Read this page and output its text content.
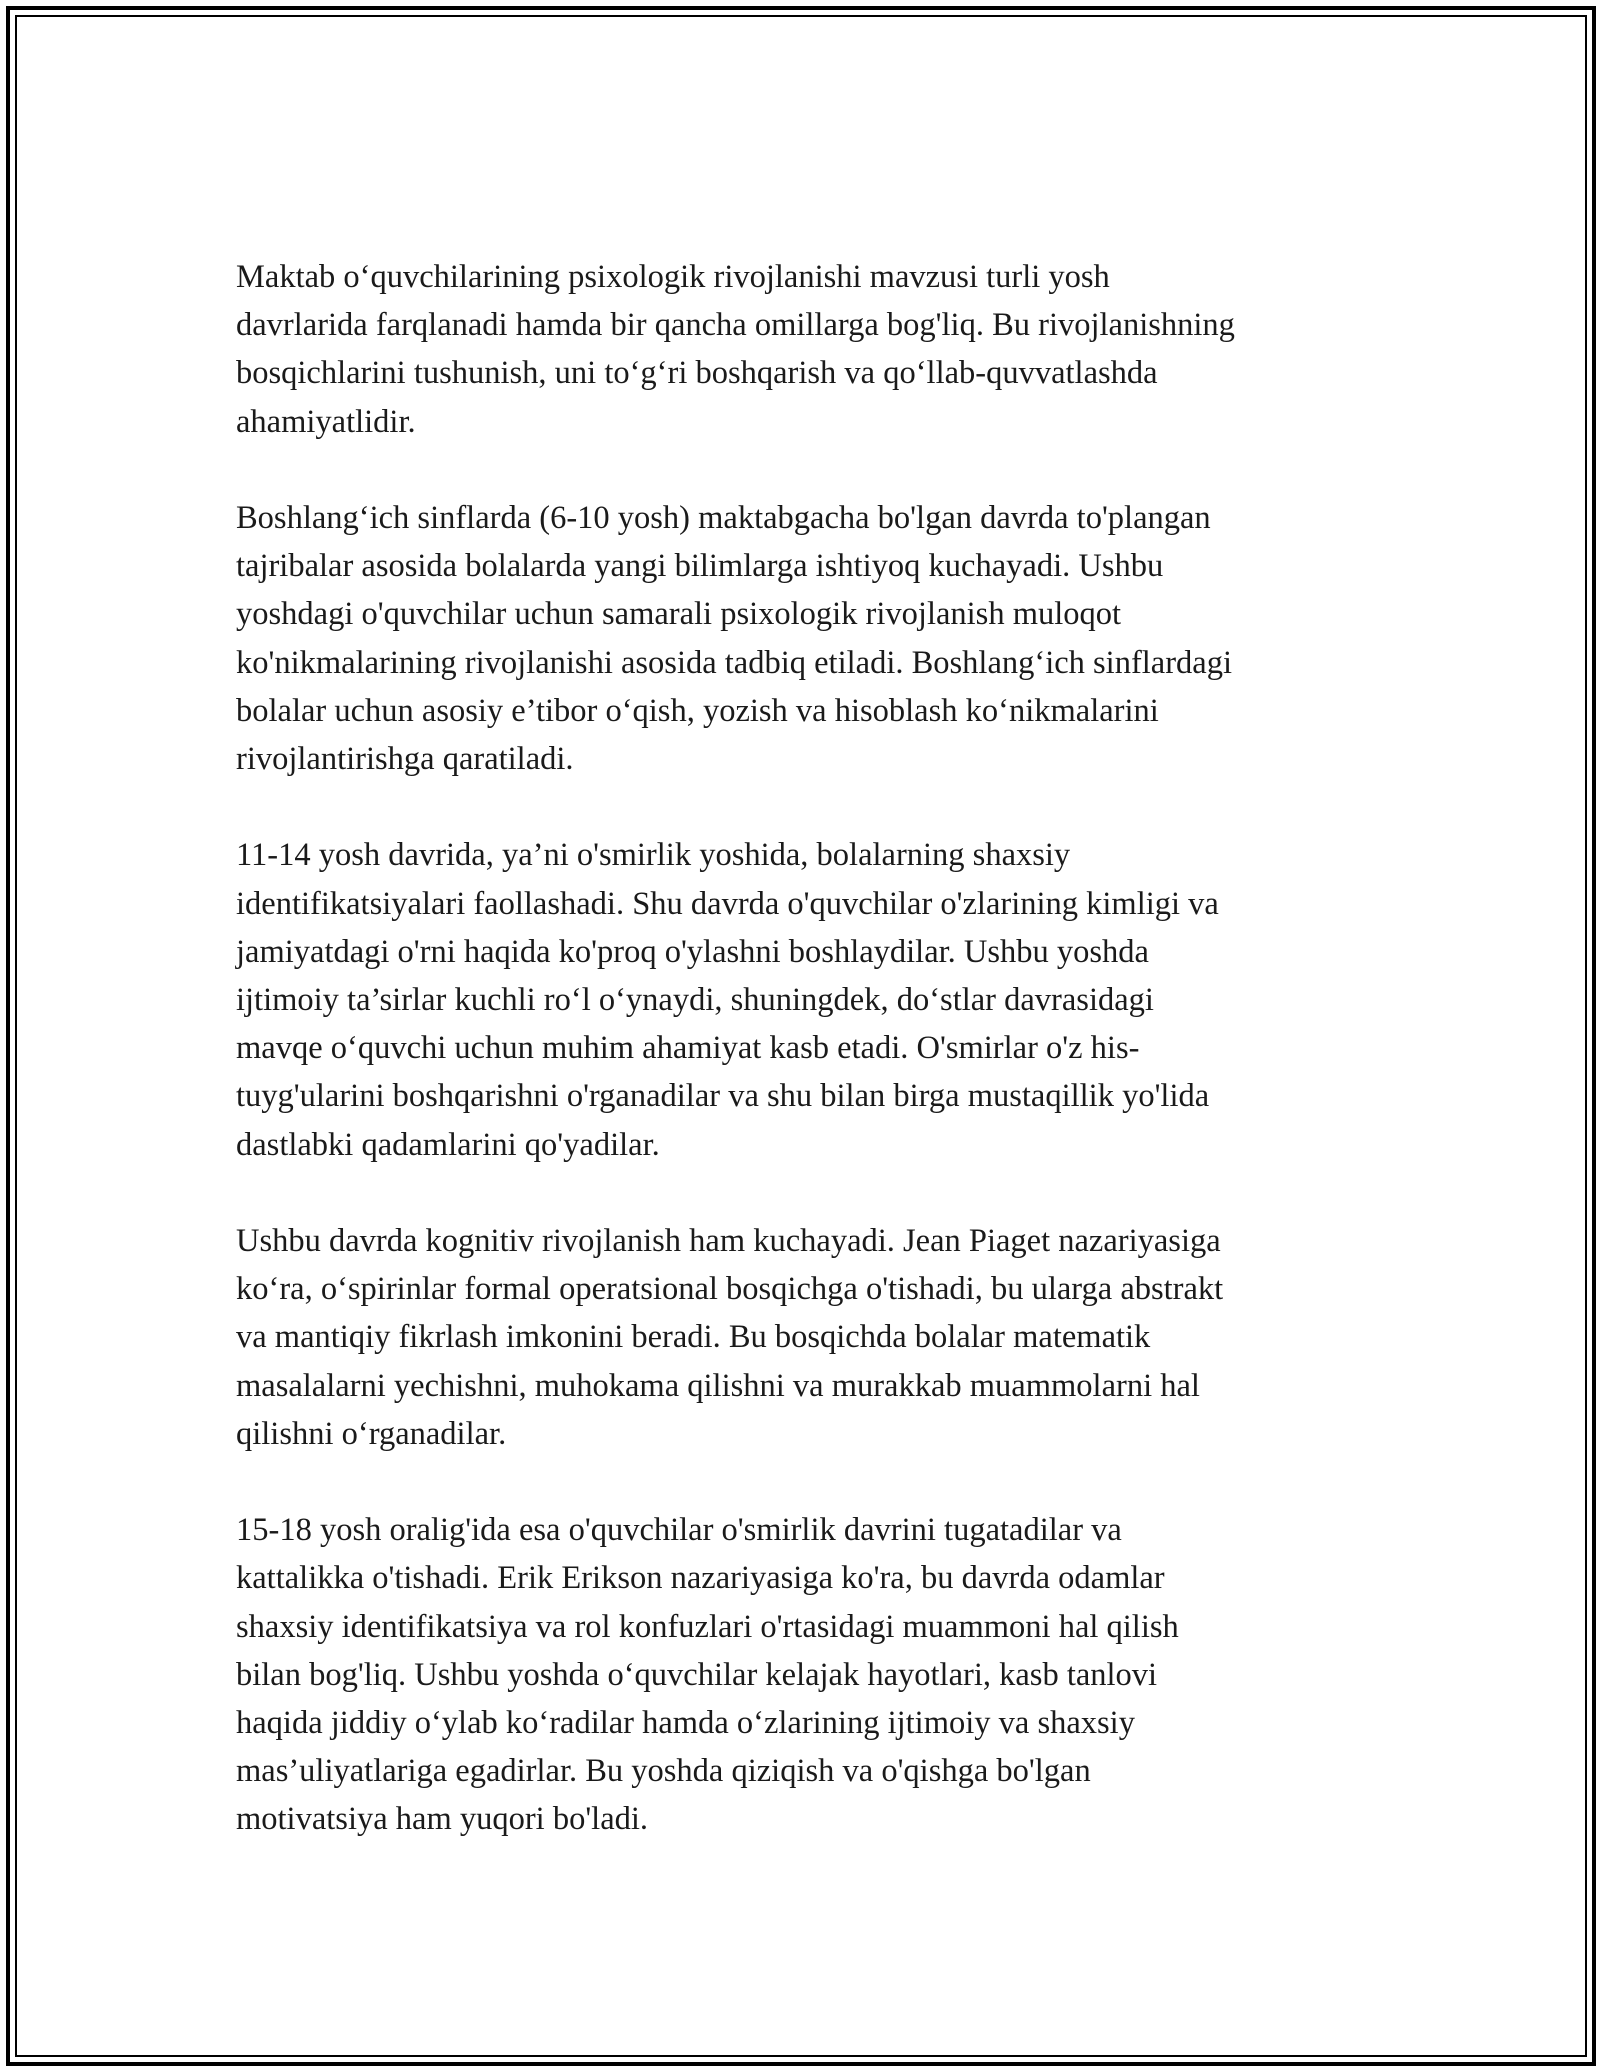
Maktab o‘quvchilarining psixologik rivojlanishi mavzusi turli yosh
davrlarida farqlanadi hamda bir qancha omillarga bog'liq. Bu rivojlanishning
bosqichlarini tushunish, uni to‘g‘ri boshqarish va qo‘llab-quvvatlashda
ahamiyatlidir.

Boshlang‘ich sinflarda (6-10 yosh) maktabgacha bo'lgan davrda to'plangan
tajribalar asosida bolalarda yangi bilimlarga ishtiyoq kuchayadi. Ushbu
yoshdagi o'quvchilar uchun samarali psixologik rivojlanish muloqot
ko'nikmalarining rivojlanishi asosida tadbiq etiladi. Boshlang‘ich sinflardagi
bolalar uchun asosiy e’tibor o‘qish, yozish va hisoblash ko‘nikmalarini
rivojlantirishga qaratiladi.

11-14 yosh davrida, ya’ni o'smirlik yoshida, bolalarning shaxsiy
identifikatsiyalari faollashadi. Shu davrda o'quvchilar o'zlarining kimligi va
jamiyatdagi o'rni haqida ko'proq o'ylashni boshlaydilar. Ushbu yoshda
ijtimoiy ta’sirlar kuchli ro‘l o‘ynaydi, shuningdek, do‘stlar davrasidagi
mavqe o‘quvchi uchun muhim ahamiyat kasb etadi. O'smirlar o'z his-
tuyg'ularini boshqarishni o'rganadilar va shu bilan birga mustaqillik yo'lida
dastlabki qadamlarini qo'yadilar.

Ushbu davrda kognitiv rivojlanish ham kuchayadi. Jean Piaget nazariyasiga
ko‘ra, o‘spirinlar formal operatsional bosqichga o'tishadi, bu ularga abstrakt
va mantiqiy fikrlash imkonini beradi. Bu bosqichda bolalar matematik
masalalarni yechishni, muhokama qilishni va murakkab muammolarni hal
qilishni o‘rganadilar.

15-18 yosh oralig'ida esa o'quvchilar o'smirlik davrini tugatadilar va
kattalikka o'tishadi. Erik Erikson nazariyasiga ko'ra, bu davrda odamlar
shaxsiy identifikatsiya va rol konfuzlari o'rtasidagi muammoni hal qilish
bilan bog'liq. Ushbu yoshda o‘quvchilar kelajak hayotlari, kasb tanlovi
haqida jiddiy o‘ylab ko‘radilar hamda o‘zlarining ijtimoiy va shaxsiy
mas’uliyatlariga egadirlar. Bu yoshda qiziqish va o'qishga bo'lgan
motivatsiya ham yuqori bo'ladi.
